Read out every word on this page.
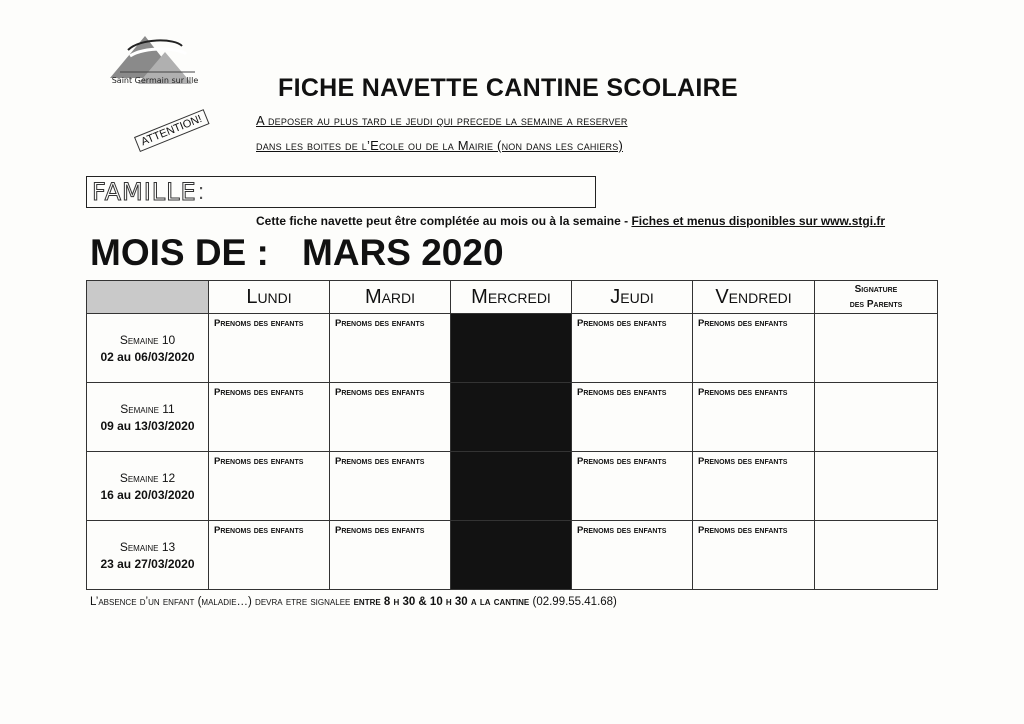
Saint Germain sur Ille	FICHE NAVETTE CANTINE SCOLAIRE
A deposer au plus tard le jeudi qui precede la semaine a reserver
dans les boites de l’Ecole ou de la Mairie (non dans les cahiers)
ATTENTION!
FAMILLE :
Cette fiche navette peut être complétée au mois ou à la semaine - Fiches et menus disponibles sur www.stgi.fr
MOIS DE : MARS 2020
	Lundi	Mardi	Mercredi	Jeudi	Vendredi	Signature
des Parents

Semaine 10
02 au 06/03/2020	Prenoms des enfants	Prenoms des enfants		Prenoms des enfants	Prenoms des enfants	

Semaine 11
09 au 13/03/2020	Prenoms des enfants	Prenoms des enfants		Prenoms des enfants	Prenoms des enfants	

Semaine 12
16 au 20/03/2020	Prenoms des enfants	Prenoms des enfants		Prenoms des enfants	Prenoms des enfants	

Semaine 13
23 au 27/03/2020	Prenoms des enfants	Prenoms des enfants		Prenoms des enfants	Prenoms des enfants	

L’absence d’un enfant (maladie…) devra etre signalee entre 8 h 30 & 10 h 30 a la cantine (02.99.55.41.68)
